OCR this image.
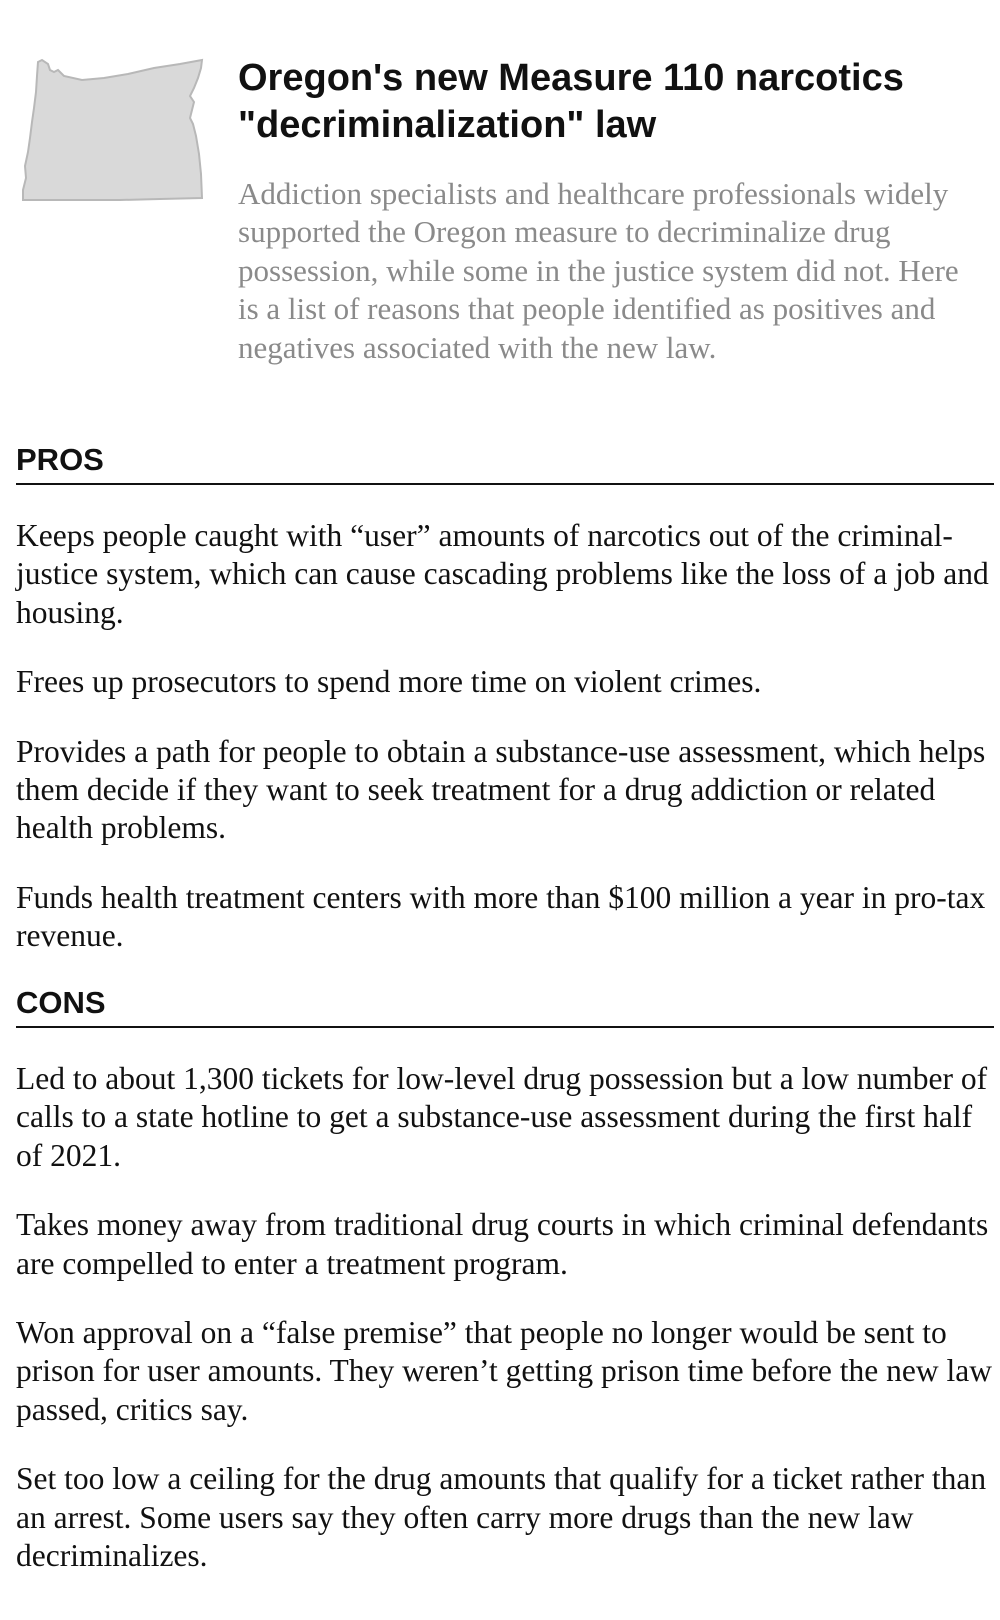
Oregon's new Measure 110 narcotics "decriminalization" law

Addiction specialists and healthcare professionals widely supported the Oregon measure to decriminalize drug possession, while some in the justice system did not. Here is a list of reasons that people identified as positives and negatives associated with the new law.

PROS

Keeps people caught with “user” amounts of narcotics out of the criminal-justice system, which can cause cascading problems like the loss of a job and housing.

Frees up prosecutors to spend more time on violent crimes.

Provides a path for people to obtain a substance-use assessment, which helps them decide if they want to seek treatment for a drug addiction or related health problems.

Funds health treatment centers with more than $100 million a year in pro-tax revenue.

CONS

Led to about 1,300 tickets for low-level drug possession but a low number of calls to a state hotline to get a substance-use assessment during the first half of 2021.

Takes money away from traditional drug courts in which criminal defendants are compelled to enter a treatment program.

Won approval on a “false premise” that people no longer would be sent to prison for user amounts. They weren’t getting prison time before the new law passed, critics say.

Set too low a ceiling for the drug amounts that qualify for a ticket rather than an arrest. Some users say they often carry more drugs than the new law decriminalizes.
